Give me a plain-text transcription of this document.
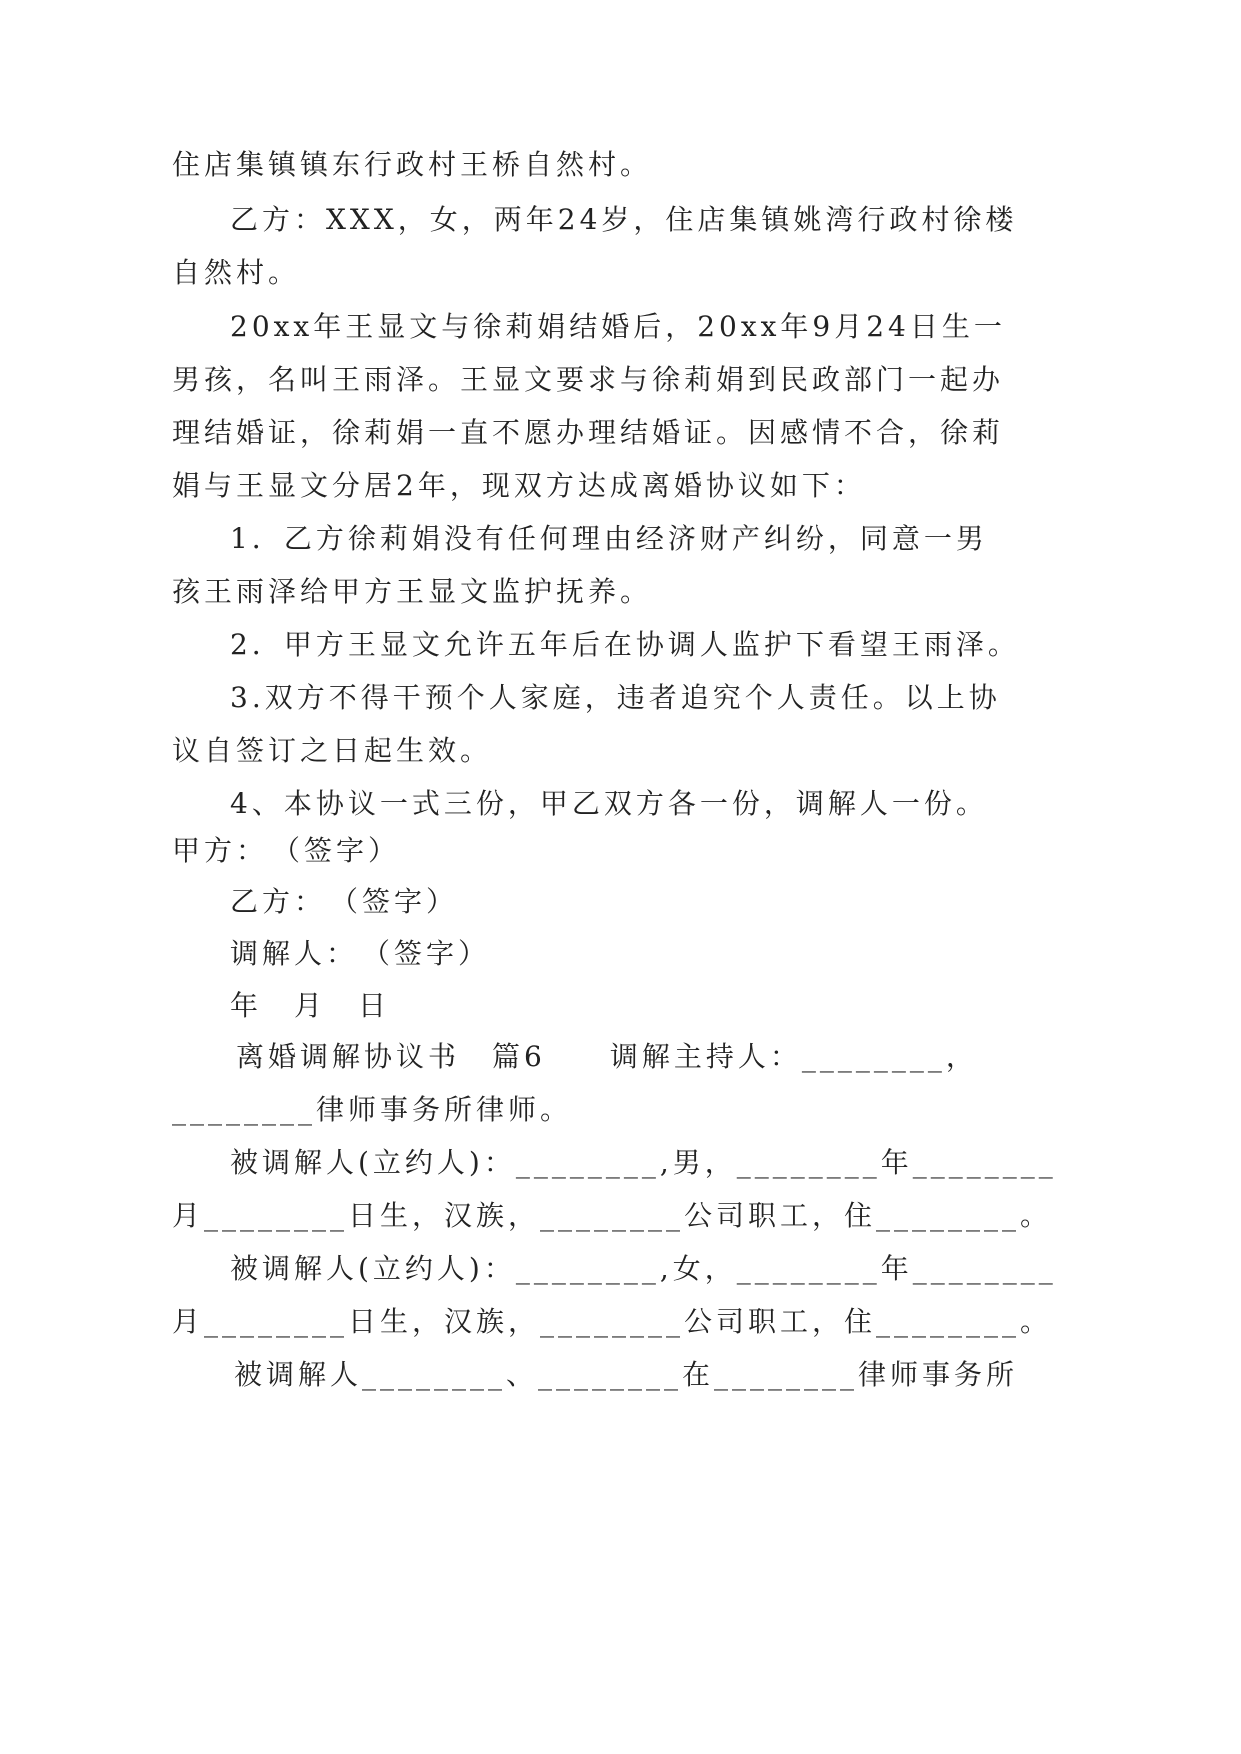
住店集镇镇东行政村王桥自然村。
乙方：XXX，女，两年24岁，住店集镇姚湾行政村徐楼
自然村。
20xx年王显文与徐莉娟结婚后，20xx年9月24日生一
男孩，名叫王雨泽。王显文要求与徐莉娟到民政部门一起办
理结婚证，徐莉娟一直不愿办理结婚证。因感情不合，徐莉
娟与王显文分居2年，现双方达成离婚协议如下：
1．乙方徐莉娟没有任何理由经济财产纠纷，同意一男
孩王雨泽给甲方王显文监护抚养。
2．甲方王显文允许五年后在协调人监护下看望王雨泽。
3.双方不得干预个人家庭，违者追究个人责任。以上协
议自签订之日起生效。
4、本协议一式三份，甲乙双方各一份，调解人一份。
甲方：　（签字）
乙方：　（签字）
调解人：　（签字）
年　月　日
离婚调解协议书　篇6　　调解主持人：________，
________律师事务所律师。
被调解人(立约人)：________,男，________年________
月________日生，汉族，________公司职工，住________。
被调解人(立约人)：________,女，________年________
月________日生，汉族，________公司职工，住________。
被调解人________、________在________律师事务所
